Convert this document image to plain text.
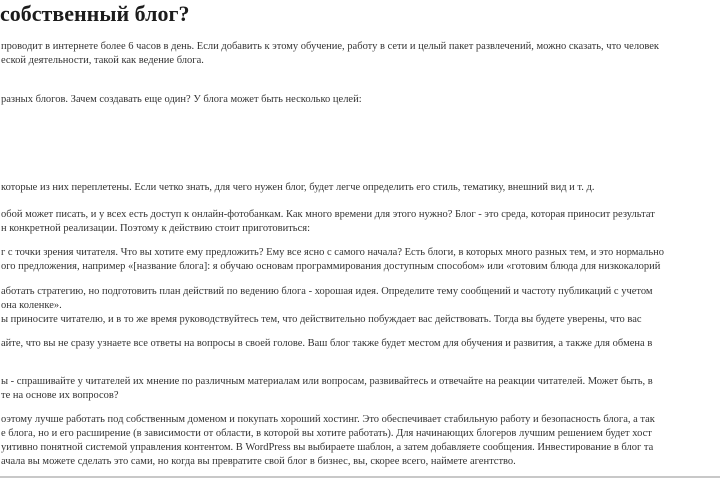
собственный блог?

проводит в интернете более 6 часов в день. Если добавить к этому обучение, работу в сети и целый пакет развлечений, можно сказать, что человек

еской деятельности, такой как ведение блога.

разных блогов. Зачем создавать еще один? У блога может быть несколько целей:

которые из них переплетены. Если четко знать, для чего нужен блог, будет легче определить его стиль, тематику, внешний вид и т. д.

обой может писать, и у всех есть доступ к онлайн-фотобанкам. Как много времени для этого нужно? Блог - это среда, которая приносит результат

н конкретной реализации. Поэтому к действию стоит приготовиться:

г с точки зрения читателя. Что вы хотите ему предложить? Ему все ясно с самого начала? Есть блоги, в которых много разных тем, и это нормально

ого предложения, например «[название блога]: я обучаю основам программирования доступным способом» или «готовим блюда для низкокалорий

аботать стратегию, но подготовить план действий по ведению блога - хорошая идея. Определите тему сообщений и частоту публикаций с учетом

она коленке».

ы приносите читателю, и в то же время руководствуйтесь тем, что действительно побуждает вас действовать. Тогда вы будете уверены, что вас

айте, что вы не сразу узнаете все ответы на вопросы в своей голове. Ваш блог также будет местом для обучения и развития, а также для обмена в

ы - спрашивайте у читателей их мнение по различным материалам или вопросам, развивайтесь и отвечайте на реакции читателей. Может быть, в

те на основе их вопросов?

оэтому лучше работать под собственным доменом и покупать хороший хостинг. Это обеспечивает стабильную работу и безопасность блога, а так

е блога, но и его расширение (в зависимости от области, в которой вы хотите работать). Для начинающих блогеров лучшим решением будет хост

уитивно понятной системой управления контентом. В WordPress вы выбираете шаблон, а затем добавляете сообщения. Инвестирование в блог та

ачала вы можете сделать это сами, но когда вы превратите свой блог в бизнес, вы, скорее всего, наймете агентство.
